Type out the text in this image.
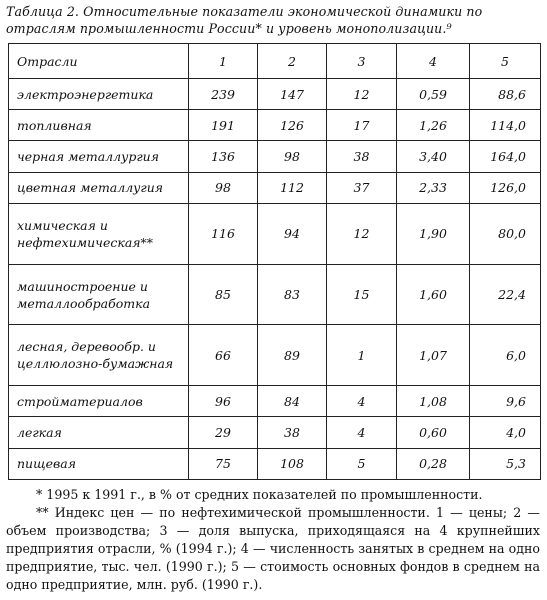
Таблица 2. Относительные показатели экономической динамики по отраслям промышленности России* и уровень монополизации.⁹
Отрасли	1	2	3	4	5
электроэнергетика	239	147	12	0,59	88,6
топливная	191	126	17	1,26	114,0
черная металлургия	136	98	38	3,40	164,0
цветная металлугия	98	112	37	2,33	126,0
химическая и нефтехимическая**	116	94	12	1,90	80,0
машиностроение и металлообработка	85	83	15	1,60	22,4
лесная, деревообр. и целлюлозно-бумажная	66	89	1	1,07	6,0
стройматериалов	96	84	4	1,08	9,6
легкая	29	38	4	0,60	4,0
пищевая	75	108	5	0,28	5,3

* 1995 к 1991 г., в % от средних показателей по промышленности.

** Индекс цен — по нефтехимической промышленности. 1 — цены; 2 — объем производства; 3 — доля выпуска, приходящаяся на 4 крупнейших предприятия отрасли, % (1994 г.); 4 — численность занятых в среднем на одно предприятие, тыс. чел. (1990 г.); 5 — стоимость основных фондов в среднем на одно предприятие, млн. руб. (1990 г.).
